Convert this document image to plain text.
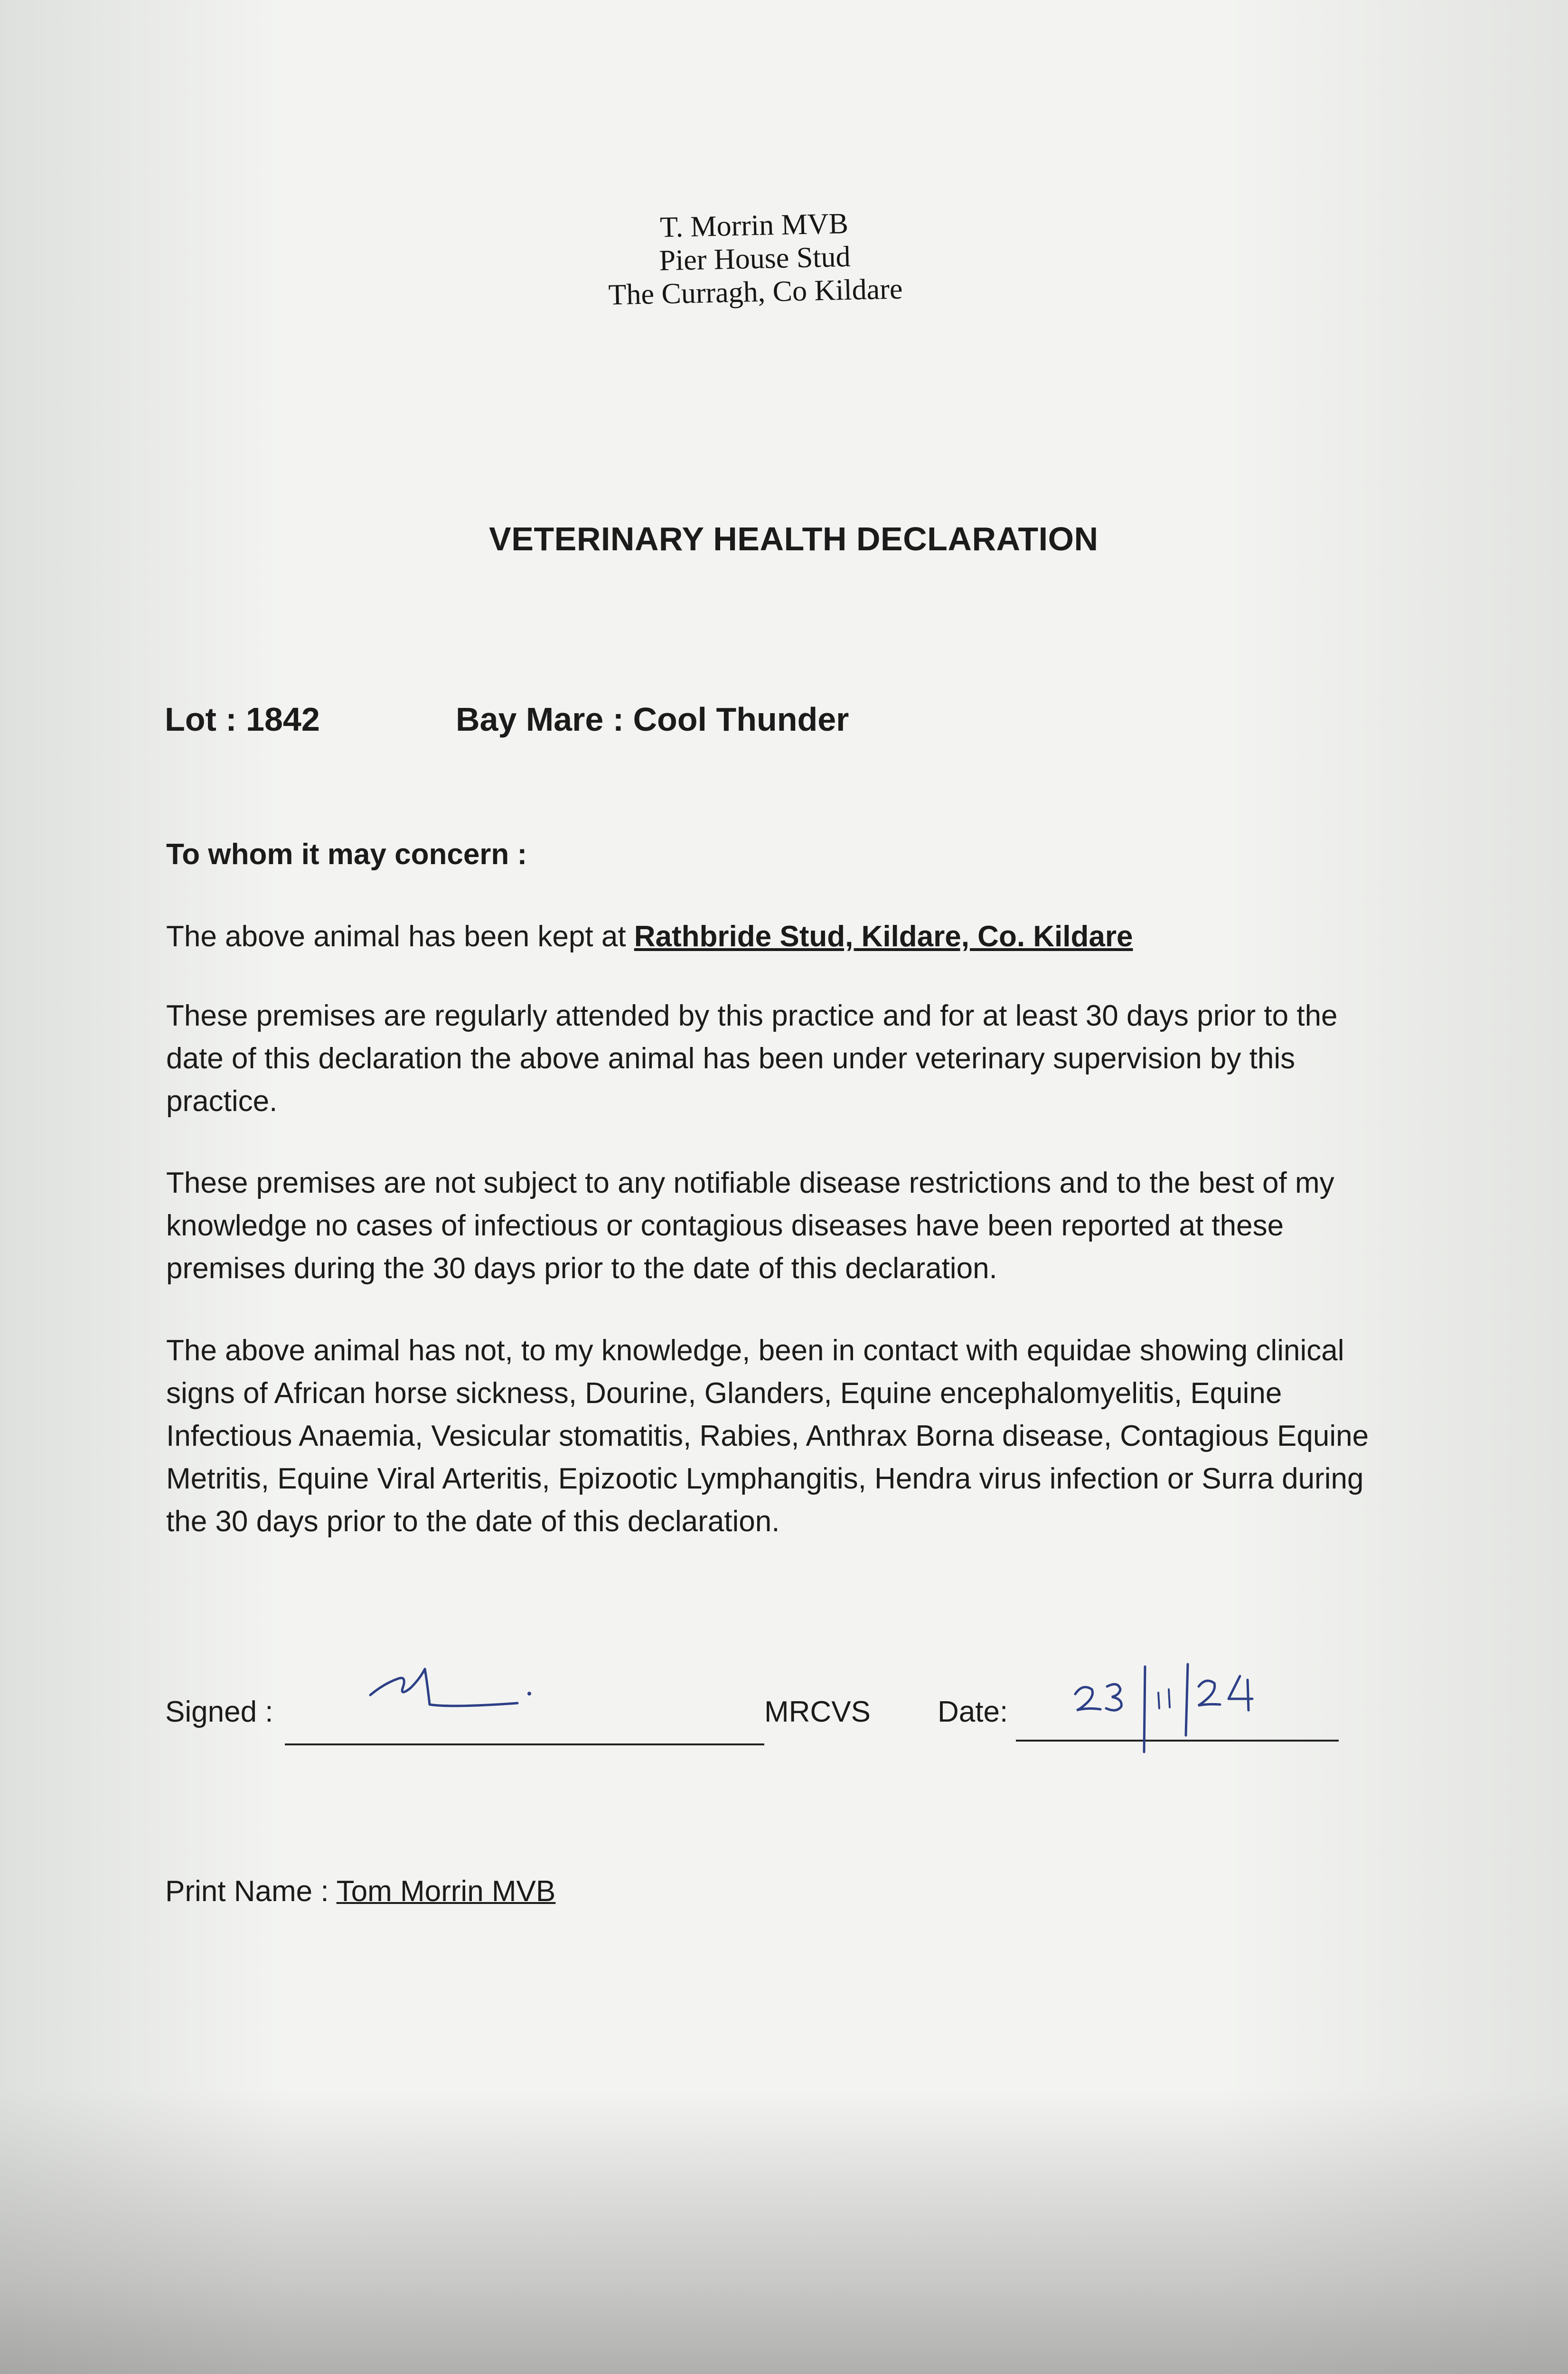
T. Morrin MVB
Pier House Stud
The Curragh, Co Kildare
VETERINARY HEALTH DECLARATION
Lot : 1842	Bay Mare : Cool Thunder

To whom it may concern :

The above animal has been kept at Rathbride Stud, Kildare, Co. Kildare

These premises are regularly attended by this practice and for at least 30 days prior to the date of this declaration the above animal has been under veterinary supervision by this practice.

These premises are not subject to any notifiable disease restrictions and to the best of my knowledge no cases of infectious or contagious diseases have been reported at these premises during the 30 days prior to the date of this declaration.

The above animal has not, to my knowledge, been in contact with equidae showing clinical signs of African horse sickness, Dourine, Glanders, Equine encephalomyelitis, Equine Infectious Anaemia, Vesicular stomatitis, Rabies, Anthrax Borna disease, Contagious Equine Metritis, Equine Viral Arteritis, Epizootic Lymphangitis, Hendra virus infection or Surra during the 30 days prior to the date of this declaration.

Signed :	MRCVS Date:
Print Name : Tom Morrin MVB
